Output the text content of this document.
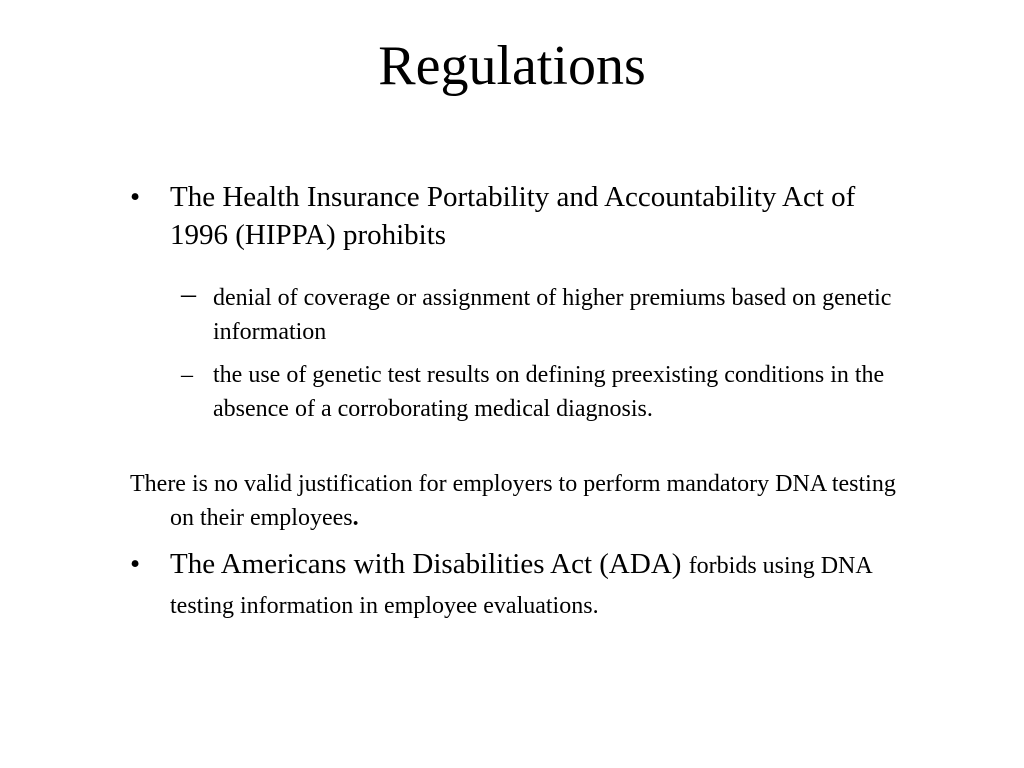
Regulations
•	The Health Insurance Portability and Accountability Act of 1996 (HIPPA) prohibits
– denial of coverage or assignment of higher premiums based on genetic information
– the use of genetic test results on defining preexisting conditions in the absence of a corroborating medical diagnosis.
There is no valid justification for employers to perform mandatory DNA testing on their employees.
•	The Americans with Disabilities Act (ADA) forbids using DNA testing information in employee evaluations.
